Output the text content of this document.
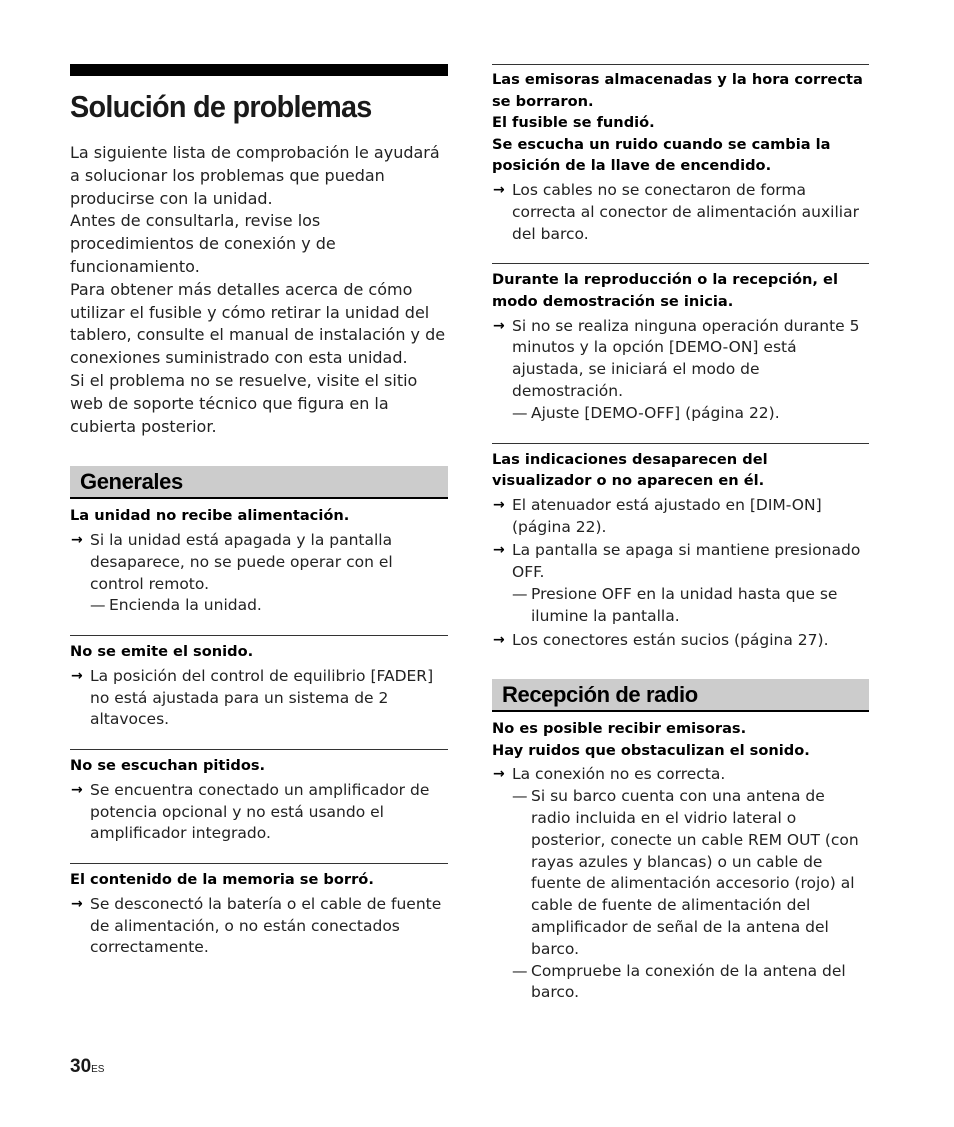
Solución de problemas

La siguiente lista de comprobación le ayudará a solucionar los problemas que puedan producirse con la unidad.

Antes de consultarla, revise los procedimientos de conexión y de funcionamiento.

Para obtener más detalles acerca de cómo utilizar el fusible y cómo retirar la unidad del tablero, consulte el manual de instalación y de conexiones suministrado con esta unidad.

Si el problema no se resuelve, visite el sitio web de soporte técnico que figura en la cubierta posterior.

Generales
La unidad no recibe alimentación.
→ Si la unidad está apagada y la pantalla desaparece, no se puede operar con el control remoto.

— Encienda la unidad.

No se emite el sonido.
→ La posición del control de equilibrio [FADER] no está ajustada para un sistema de 2 altavoces.

No se escuchan pitidos.
→ Se encuentra conectado un amplificador de potencia opcional y no está usando el amplificador integrado.

El contenido de la memoria se borró.
→ Se desconectó la batería o el cable de fuente de alimentación, o no están conectados correctamente.

Las emisoras almacenadas y la hora correcta se borraron.
El fusible se fundió.
Se escucha un ruido cuando se cambia la posición de la llave de encendido.
→ Los cables no se conectaron de forma correcta al conector de alimentación auxiliar del barco.

Durante la reproducción o la recepción, el modo demostración se inicia.
→ Si no se realiza ninguna operación durante 5 minutos y la opción [DEMO-ON] está ajustada, se iniciará el modo de demostración.

— Ajuste [DEMO-OFF] (página 22).

Las indicaciones desaparecen del visualizador o no aparecen en él.
→ El atenuador está ajustado en [DIM-ON] (página 22).

→ La pantalla se apaga si mantiene presionado OFF.

— Presione OFF en la unidad hasta que se ilumine la pantalla.

→ Los conectores están sucios (página 27).

Recepción de radio
No es posible recibir emisoras.
Hay ruidos que obstaculizan el sonido.
→ La conexión no es correcta.

— Si su barco cuenta con una antena de radio incluida en el vidrio lateral o posterior, conecte un cable REM OUT (con rayas azules y blancas) o un cable de fuente de alimentación accesorio (rojo) al cable de fuente de alimentación del amplificador de señal de la antena del barco.

— Compruebe la conexión de la antena del barco.

30ES
